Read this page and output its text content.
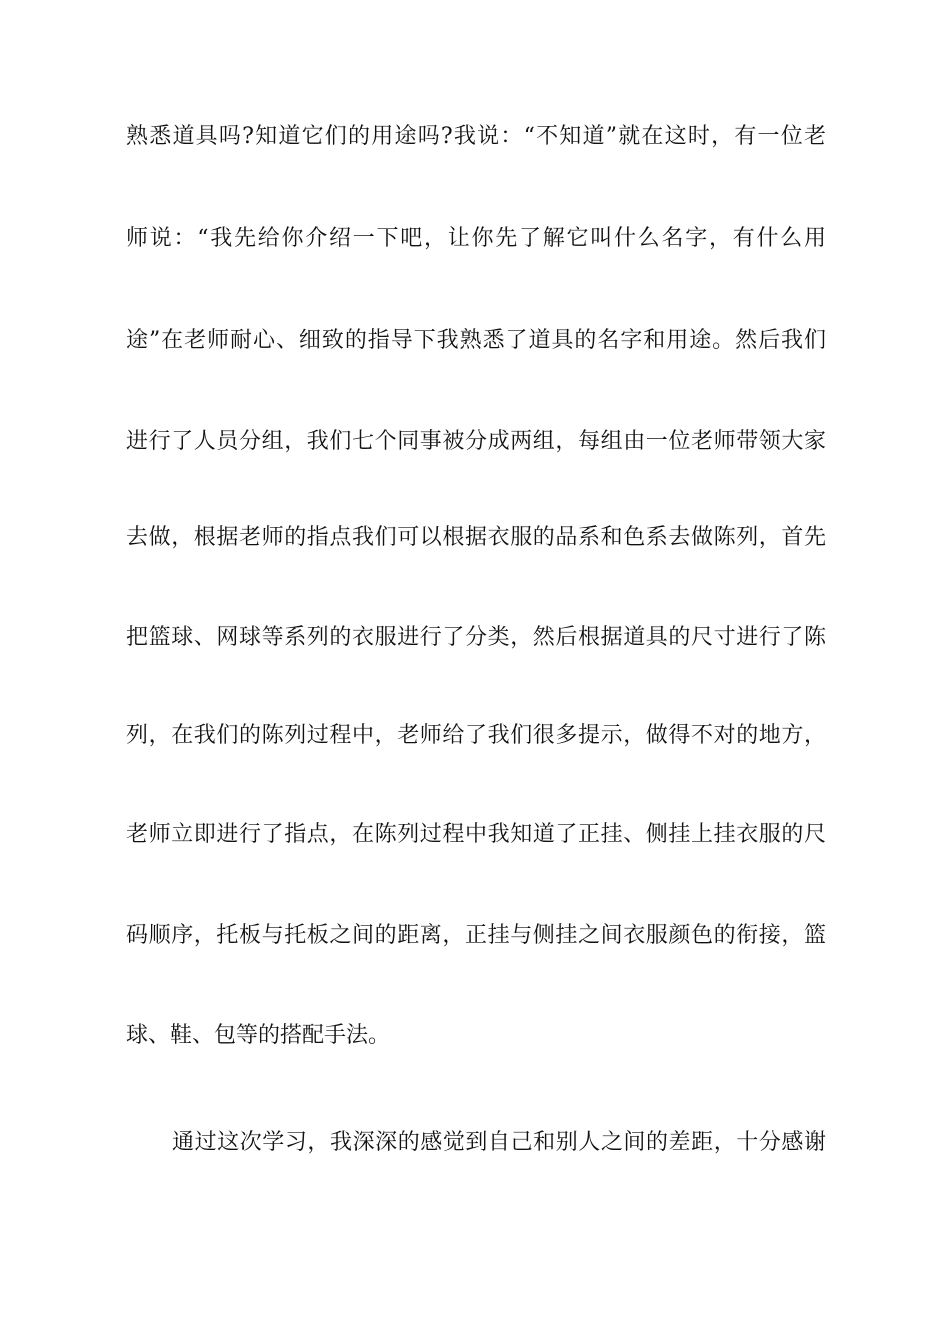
熟悉道具吗?知道它们的用途吗?我说：“不知道”就在这时，有一位老
师说：“我先给你介绍一下吧，让你先了解它叫什么名字，有什么用
途”在老师耐心、细致的指导下我熟悉了道具的名字和用途。然后我们
进行了人员分组，我们七个同事被分成两组，每组由一位老师带领大家
去做，根据老师的指点我们可以根据衣服的品系和色系去做陈列，首先
把篮球、网球等系列的衣服进行了分类，然后根据道具的尺寸进行了陈
列，在我们的陈列过程中，老师给了我们很多提示，做得不对的地方，
老师立即进行了指点，在陈列过程中我知道了正挂、侧挂上挂衣服的尺
码顺序，托板与托板之间的距离，正挂与侧挂之间衣服颜色的衔接，篮
球、鞋、包等的搭配手法。
通过这次学习，我深深的感觉到自己和别人之间的差距，十分感谢
